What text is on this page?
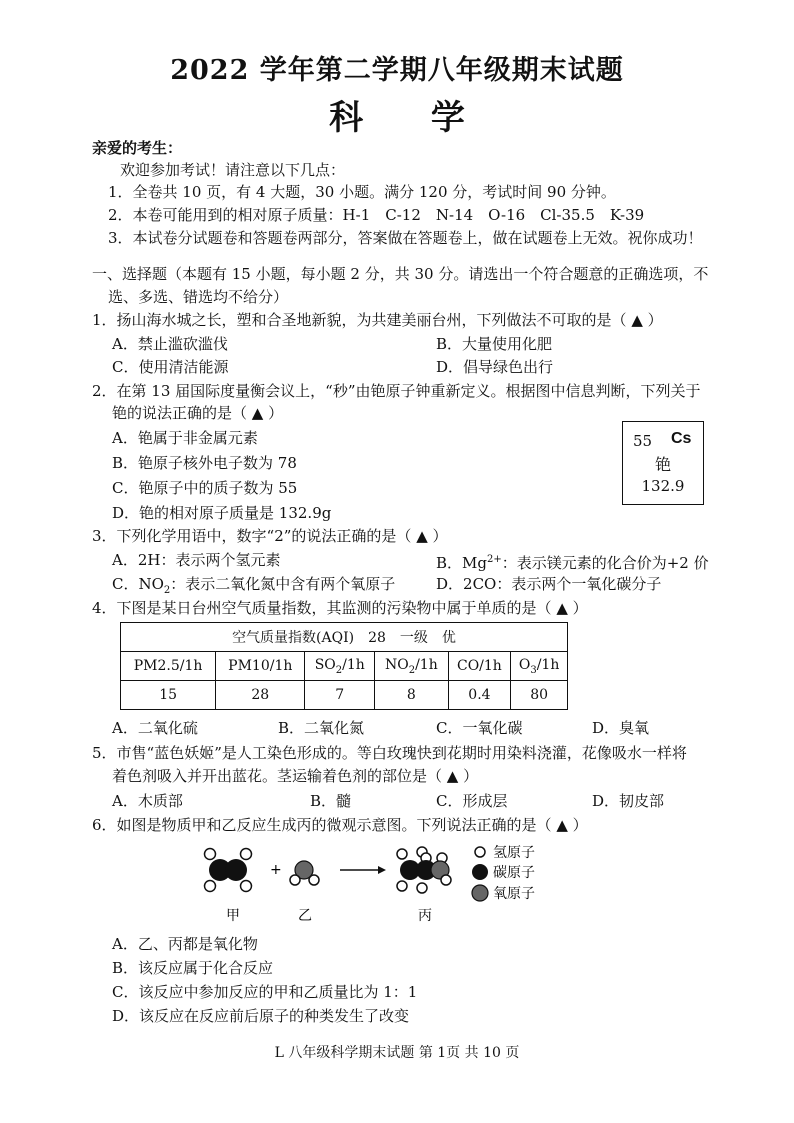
2022 学年第二学期八年级期末试题
科 学
亲爱的考生：
欢迎参加考试！请注意以下几点：
1．全卷共 10 页，有 4 大题，30 小题。满分 120 分，考试时间 90 分钟。
2．本卷可能用到的相对原子质量：H-1　C-12　N-14　O-16　Cl-35.5　K-39
3．本试卷分试题卷和答题卷两部分，答案做在答题卷上，做在试题卷上无效。祝你成功！
一、选择题（本题有 15 小题，每小题 2 分，共 30 分。请选出一个符合题意的正确选项，不
选、多选、错选均不给分）
1．扬山海水城之长，塑和合圣地新貌，为共建美丽台州，下列做法不可取的是（ ▲ ）
A．禁止滥砍滥伐	B．大量使用化肥
C．使用清洁能源	D．倡导绿色出行
2．在第 13 届国际度量衡会议上，“秒”由铯原子钟重新定义。根据图中信息判断，下列关于
铯的说法正确的是（ ▲ ）
A．铯属于非金属元素
B．铯原子核外电子数为 78
C．铯原子中的质子数为 55
D．铯的相对原子质量是 132.9g
55 Cs
铯
132.9
3．下列化学用语中，数字“2”的说法正确的是（ ▲ ）
A．2H：表示两个氢元素	B．$Mg^{2+}$：表示镁元素的化合价为+2 价
C．$NO_2$：表示二氧化氮中含有两个氧原子	D．2CO：表示两个一氧化碳分子
4．下图是某日台州空气质量指数，其监测的污染物中属于单质的是（ ▲ ）
空气质量指数(AQI)　28　一级　优					
PM2.5/1h	PM10/1h	$SO_2/1h$	$NO_2/1h$	CO/1h	$O_3/1h$
15	28	7	8	0.4	80
A．二氧化硫	B．二氧化氮	C．一氧化碳	D．臭氧
5．市售“蓝色妖姬”是人工染色形成的。等白玫瑰快到花期时用染料浇灌，花像吸水一样将
着色剂吸入并开出蓝花。茎运输着色剂的部位是（ ▲ ）
A．木质部	B．髓	C．形成层	D．韧皮部
6．如图是物质甲和乙反应生成丙的微观示意图。下列说法正确的是（ ▲ ）
+
氢原子
碳原子
氧原子
甲	乙	丙
A．乙、丙都是氧化物
B．该反应属于化合反应
C．该反应中参加反应的甲和乙质量比为 1：1
D．该反应在反应前后原子的种类发生了改变
L 八年级科学期末试题 第 1页 共 10 页
